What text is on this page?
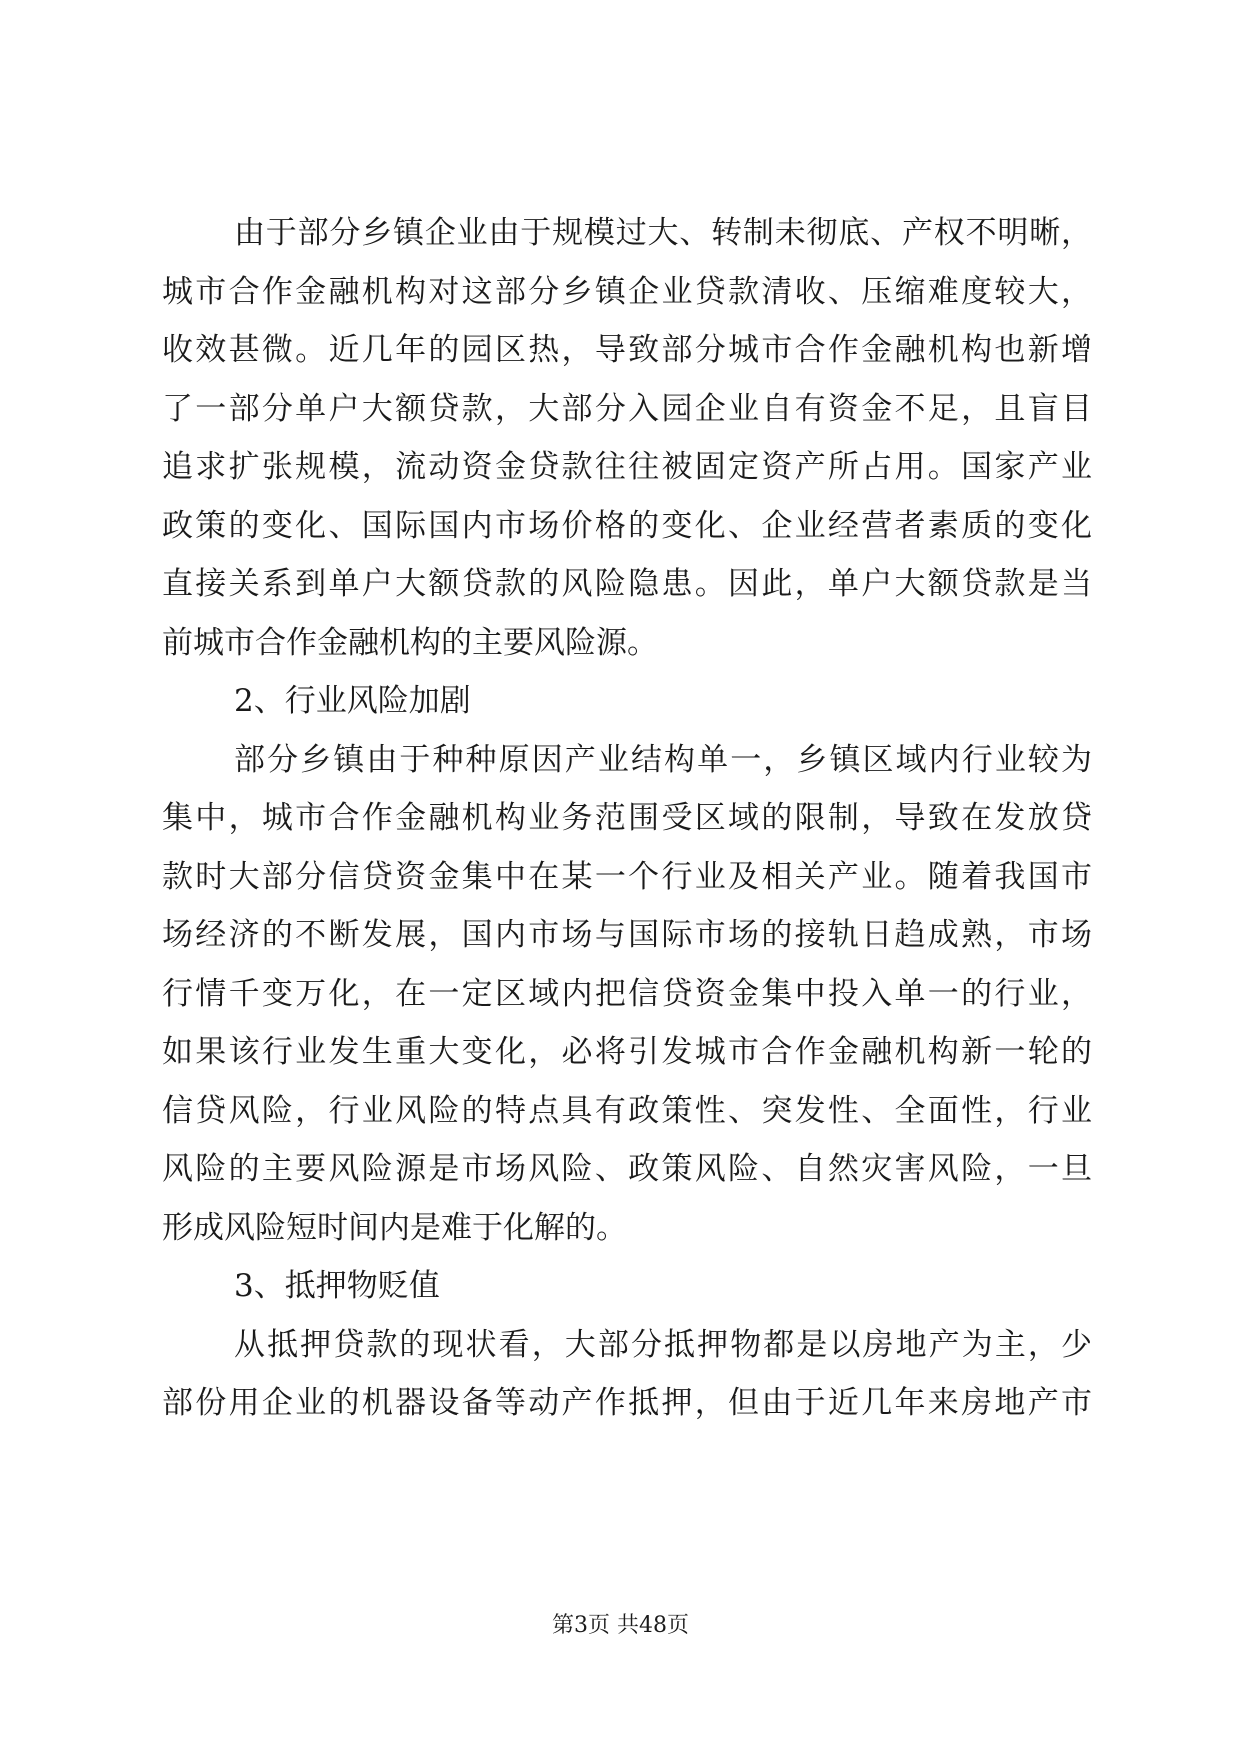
由于部分乡镇企业由于规模过大、转制未彻底、产权不明晰，
城市合作金融机构对这部分乡镇企业贷款清收、压缩难度较大，
收效甚微。近几年的园区热，导致部分城市合作金融机构也新增
了一部分单户大额贷款，大部分入园企业自有资金不足，且盲目
追求扩张规模，流动资金贷款往往被固定资产所占用。国家产业
政策的变化、国际国内市场价格的变化、企业经营者素质的变化
直接关系到单户大额贷款的风险隐患。因此，单户大额贷款是当
前城市合作金融机构的主要风险源。
2、行业风险加剧
部分乡镇由于种种原因产业结构单一，乡镇区域内行业较为
集中，城市合作金融机构业务范围受区域的限制，导致在发放贷
款时大部分信贷资金集中在某一个行业及相关产业。随着我国市
场经济的不断发展，国内市场与国际市场的接轨日趋成熟，市场
行情千变万化，在一定区域内把信贷资金集中投入单一的行业，
如果该行业发生重大变化，必将引发城市合作金融机构新一轮的
信贷风险，行业风险的特点具有政策性、突发性、全面性，行业
风险的主要风险源是市场风险、政策风险、自然灾害风险，一旦
形成风险短时间内是难于化解的。
3、抵押物贬值
从抵押贷款的现状看，大部分抵押物都是以房地产为主，少
部份用企业的机器设备等动产作抵押，但由于近几年来房地产市
第3页 共48页
